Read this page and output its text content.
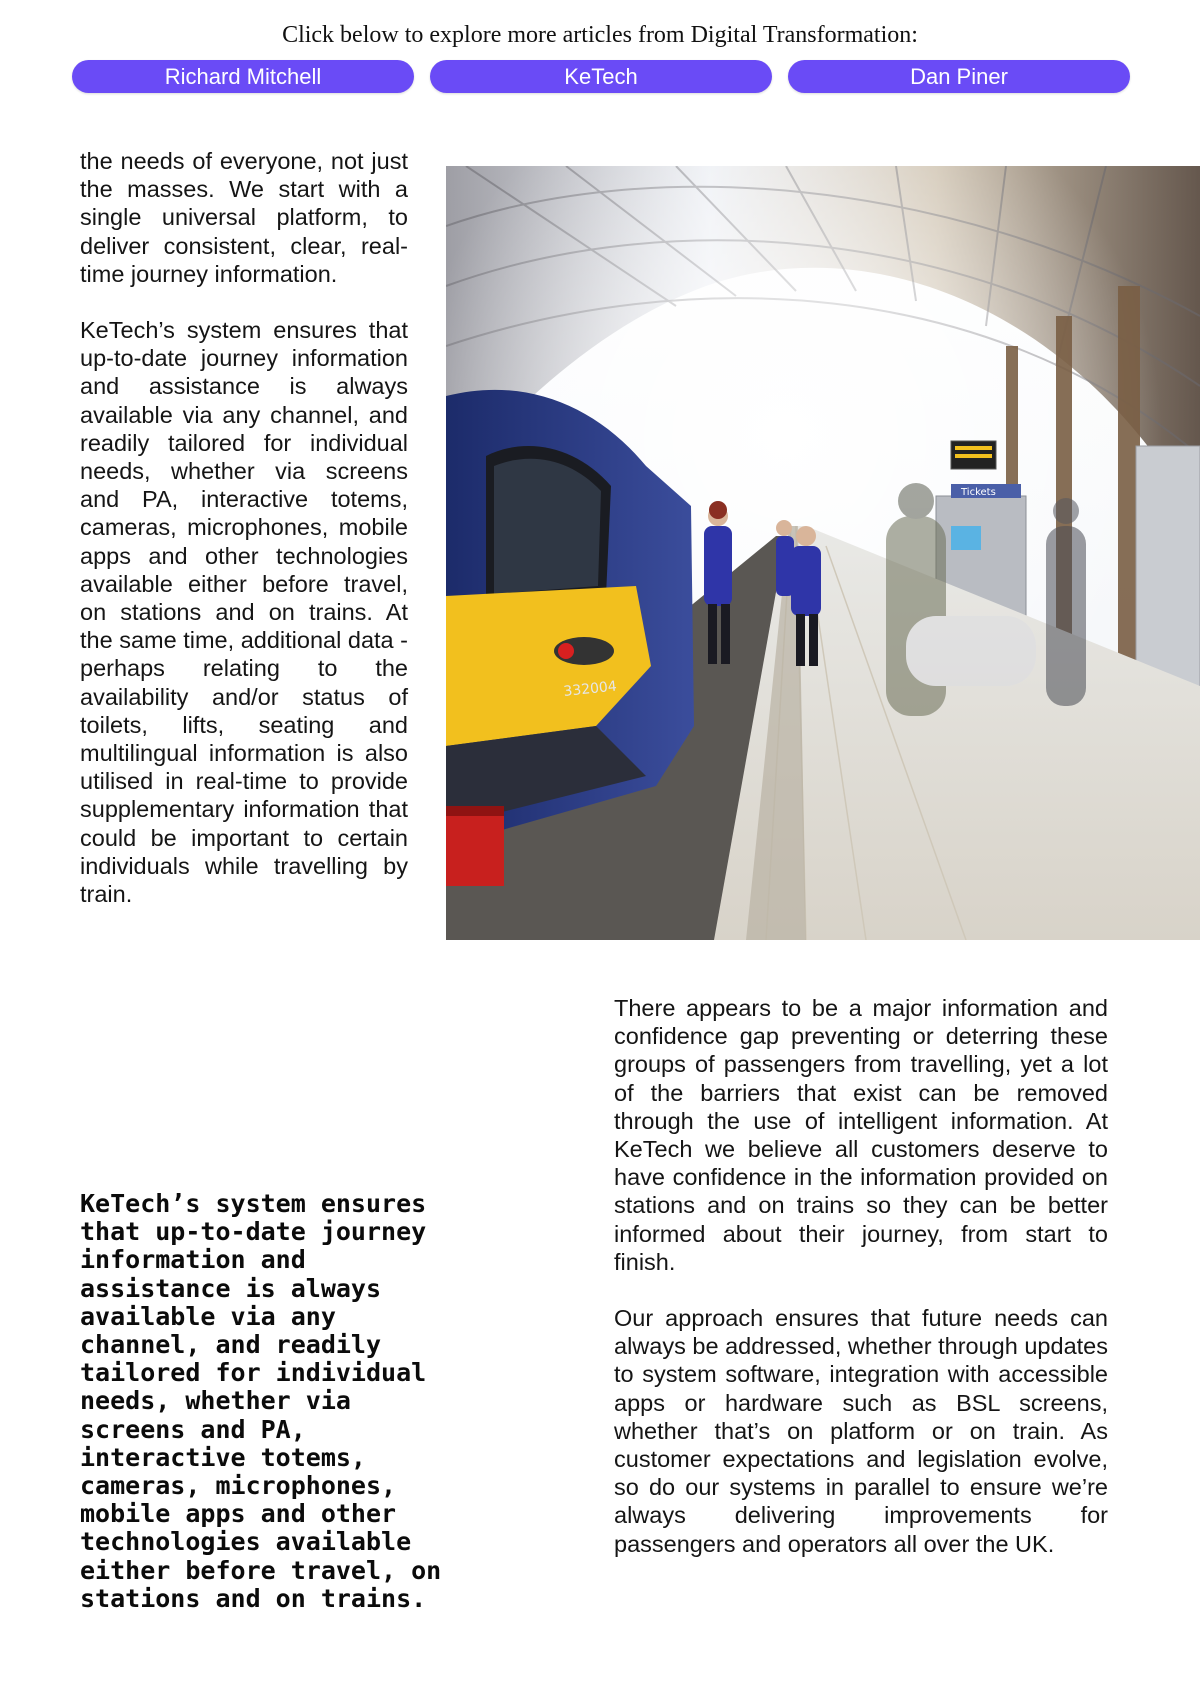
Click below to explore more articles from Digital Transformation:
Richard Mitchell	KeTech	Dan Piner

the needs of everyone, not just the masses. We start with a single universal platform, to deliver consistent, clear, real-time journey information.

KeTech’s system ensures that up-to-date journey information and assistance is always available via any channel, and readily tailored for individual needs, whether via screens and PA, interactive totems, cameras, microphones, mobile apps and other technologies available either before travel, on stations and on trains. At the same time, additional data - perhaps relating to the availability and/or status of toilets, lifts, seating and multilingual information is also utilised in real-time to provide supplementary information that could be important to certain individuals while travelling by train.

Tickets
332004
KeTech’s system ensures that up-to-date journey information and assistance is always available via any channel, and readily tailored for individual needs, whether via screens and PA, interactive totems, cameras, microphones, mobile apps and other technologies available either before travel, on stations and on trains.

There appears to be a major information and confidence gap preventing or deterring these groups of passengers from travelling, yet a lot of the barriers that exist can be removed through the use of intelligent information. At KeTech we believe all customers deserve to have confidence in the information provided on stations and on trains so they can be better informed about their journey, from start to finish.

Our approach ensures that future needs can always be addressed, whether through updates to system software, integration with accessible apps or hardware such as BSL screens, whether that’s on platform or on train. As customer expectations and legislation evolve, so do our systems in parallel to ensure we’re always delivering improvements for passengers and operators all over the UK.
